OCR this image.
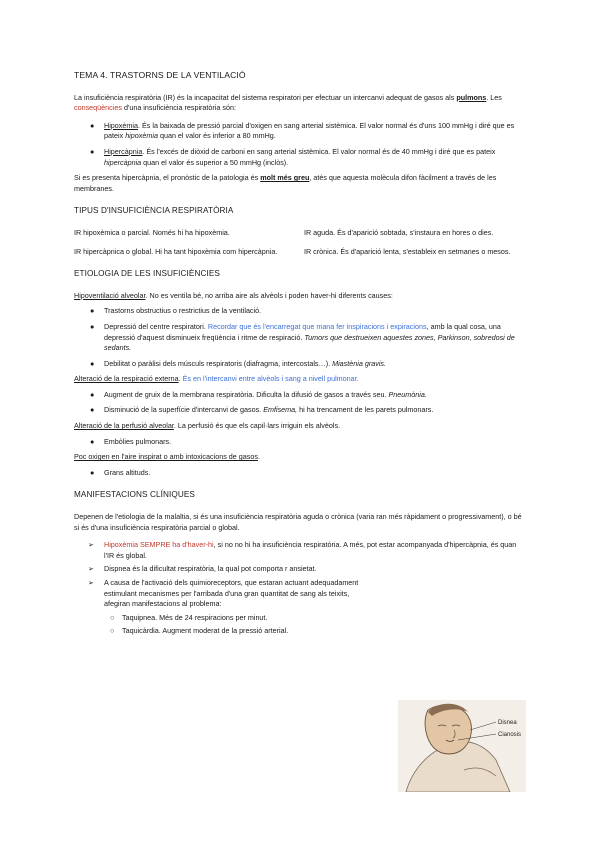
TEMA 4. TRASTORNS DE LA VENTILACIÓ

La insuficiència respiratòria (IR) és la incapacitat del sistema respiratori per efectuar un intercanvi adequat de gasos als pulmons. Les conseqüències d'una insuficiència respiratòria són:

● Hipoxèmia. És la baixada de pressió parcial d'oxigen en sang arterial sistèmica. El valor normal és d'uns 100 mmHg i diré que es pateix hipoxèmia quan el valor és inferior a 80 mmHg.
● Hipercàpnia. És l'excés de diòxid de carboni en sang arterial sistèmica. El valor normal és de 40 mmHg i diré que es pateix hipercàpnia quan el valor és superior a 50 mmHg (inclòs).

Si es presenta hipercàpnia, el pronòstic de la patologia és molt més greu, atès que aquesta molècula difon fàcilment a través de les membranes.

TIPUS D'INSUFICIÈNCIA RESPIRATÒRIA
IR hipoxèmica o parcial. Només hi ha hipoxèmia.	IR aguda. És d'aparició sobtada, s'instaura en hores o dies.
IR hipercàpnica o global. Hi ha tant hipoxèmia com hipercàpnia.	IR crònica. És d'aparició lenta, s'estableix en setmanes o mesos.
ETIOLOGIA DE LES INSUFICIÈNCIES

Hipoventilació alveolar. No es ventila bé, no arriba aire als alvèols i poden haver-hi diferents causes:

● Trastorns obstructius o restrictius de la ventilació.
● Depressió del centre respiratori. Recordar que és l'encarregat que mana fer inspiracions i expiracions, amb la qual cosa, una depressió d'aquest disminueix freqüència i ritme de respiració. Tumors que destrueixen aquestes zones, Parkinson, sobredosi de sedants.
● Debilitat o paràlisi dels músculs respiratoris (diafragma, intercostals…). Miastènia gravis.

Alteració de la respiració externa. És en l'intercanvi entre alvèols i sang a nivell pulmonar.

● Augment de gruix de la membrana respiratòria. Dificulta la difusió de gasos a través seu. Pneumònia.
● Disminució de la superfície d'intercanvi de gasos. Emfisema, hi ha trencament de les parets pulmonars.

Alteració de la perfusió alveolar. La perfusió és que els capil·lars irriguin els alvèols.

● Embòlies pulmonars.

Poc oxigen en l'aire inspirat o amb intoxicacions de gasos.

● Grans altituds.
MANIFESTACIONS CLÍNIQUES

Depenen de l'etiologia de la malaltia, si és una insuficiència respiratòria aguda o crònica (varia ran més ràpidament o progressivament), o bé si és d'una insuficiència respiratòria parcial o global.

➢ Hipoxèmia SEMPRE ha d'haver-hi, si no no hi ha insuficiència respiratòria. A més, pot estar acompanyada d'hipercàpnia, és quan l'IR és global.
➢ Dispnea és la dificultat respiratòria, la qual pot comporta r ansietat.
➢ A causa de l'activació dels quimioreceptors, que estaran actuant adequadament estimulant mecanismes per l'arribada d'una gran quantitat de sang als teixits, afegiran manifestacions al problema:
○ Taquipnea. Més de 24 respiracions per minut.
○ Taquicàrdia. Augment moderat de la pressió arterial.
Disnea
Cianosis
